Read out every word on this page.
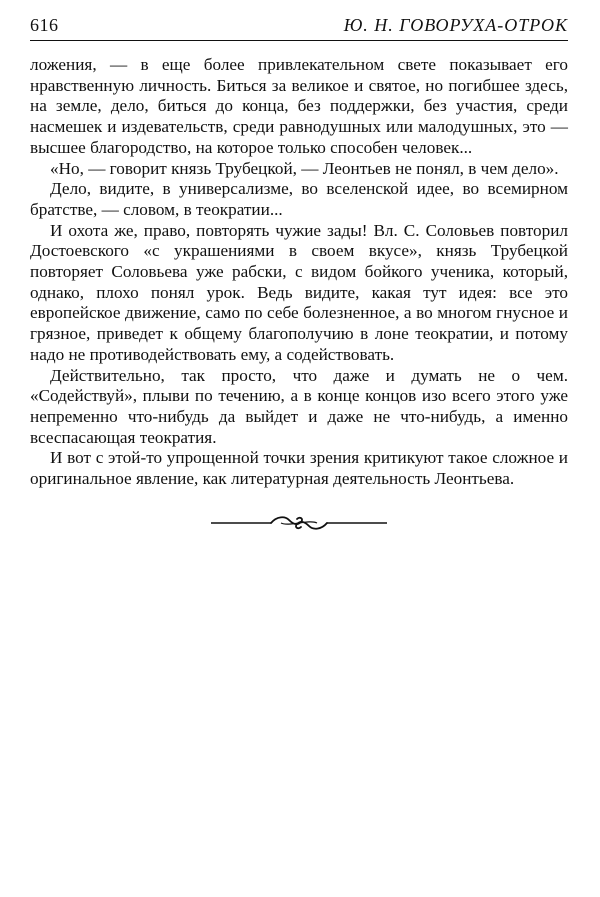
616	Ю. Н. ГОВОРУХА-ОТРОК

ложения, — в еще более привлекательном свете показывает его нравственную личность. Биться за великое и святое, но погибшее здесь, на земле, дело, биться до конца, без поддержки, без участия, среди насмешек и издевательств, среди равнодушных или малодушных, это — высшее благородство, на которое только способен человек...

«Но, — говорит князь Трубецкой, — Леонтьев не понял, в чем дело».

Дело, видите, в универсализме, во вселенской идее, во всемирном братстве, — словом, в теократии...

И охота же, право, повторять чужие зады! Вл. С. Соловьев повторил Достоевского «с украшениями в своем вкусе», князь Трубецкой повторяет Соловьева уже рабски, с видом бойкого ученика, который, однако, плохо понял урок. Ведь видите, какая тут идея: все это европейское движение, само по себе болезненное, а во многом гнусное и грязное, приведет к общему благополучию в лоне теократии, и потому надо не противодействовать ему, а содействовать.

Действительно, так просто, что даже и думать не о чем. «Содействуй», плыви по течению, а в конце концов изо всего этого уже непременно что-нибудь да выйдет и даже не что-нибудь, а именно всеспасающая теократия.

И вот с этой-то упрощенной точки зрения критикуют такое сложное и оригинальное явление, как литературная деятельность Леонтьева.
